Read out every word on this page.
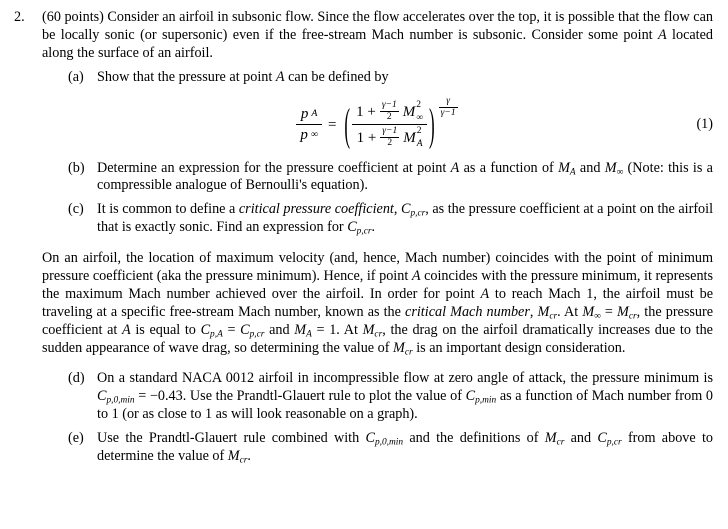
2.	(60 points) Consider an airfoil in subsonic flow. Since the flow accelerates over the top, it is possible that the flow can be locally sonic (or supersonic) even if the free-stream Mach number is subsonic. Consider some point A located along the surface of an airfoil.

(a) Show that the pressure at point A can be defined by

$\frac{\text{p A}}{p \infty}$ = ( $1 + \frac{\gamma-1}{2}$ M 2
∞
$1 + \frac{\gamma-1}{2}$ M 2
A )	γ
γ−1
(1)
(b) Determine an expression for the pressure coefficient at point A as a function of $M_A$ and $M_\infty$ (Note: this is a compressible analogue of Bernoulli's equation).

(c) It is common to define a critical pressure coefficient, $C_{p,cr}$, as the pressure coefficient at a point on the airfoil that is exactly sonic. Find an expression for $C_{p,cr}$.

On an airfoil, the location of maximum velocity (and, hence, Mach number) coincides with the point of minimum pressure coefficient (aka the pressure minimum). Hence, if point A coincides with the pressure minimum, it represents the maximum Mach number achieved over the airfoil. In order for point A to reach Mach 1, the airfoil must be traveling at a specific free-stream Mach number, known as the critical Mach number, $M_{cr}$. At $M_\infty = M_{cr}$, the pressure coefficient at A is equal to $C_{p,A} = C_{p,cr}$ and $M_A = 1$. At $M_{cr}$, the drag on the airfoil dramatically increases due to the sudden appearance of wave drag, so determining the value of $M_{cr}$ is an important design consideration.

(d) On a standard NACA 0012 airfoil in incompressible flow at zero angle of attack, the pressure minimum is $C_{p,0,min} = -0.43$. Use the Prandtl-Glauert rule to plot the value of $C_{p,min}$ as a function of Mach number from 0 to 1 (or as close to 1 as will look reasonable on a graph).

(e) Use the Prandtl-Glauert rule combined with $C_{p,0,min}$ and the definitions of $M_{cr}$ and $C_{p,cr}$ from above to determine the value of $M_{cr}$.
